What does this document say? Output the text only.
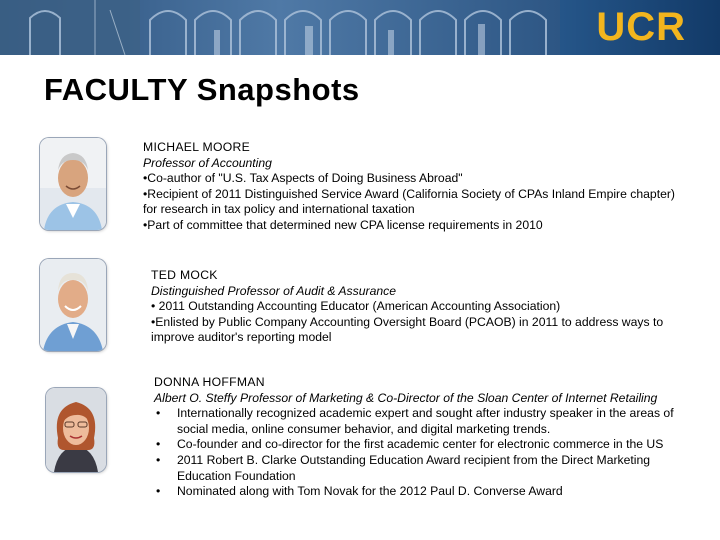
UCR
FACULTY Snapshots
MICHAEL MOORE
Professor of Accounting
•Co-author of "U.S. Tax Aspects of Doing Business Abroad"
•Recipient of 2011 Distinguished Service Award (California Society of CPAs Inland Empire chapter) for research in tax policy and international taxation
•Part of committee that determined new CPA license requirements in 2010
TED MOCK
Distinguished Professor of Audit & Assurance
• 2011 Outstanding Accounting Educator (American Accounting Association)
•Enlisted by Public Company Accounting Oversight Board (PCAOB) in 2011 to address ways to improve auditor's reporting model
DONNA HOFFMAN
Albert O. Steffy Professor of Marketing & Co-Director of the Sloan Center of Internet Retailing
• Internationally recognized academic expert and sought after industry speaker in the areas of social media, online consumer behavior, and digital marketing trends.
• Co-founder and co-director for the first academic center for electronic commerce in the US
• 2011 Robert B. Clarke Outstanding Education Award recipient from the Direct Marketing Education Foundation
• Nominated along with Tom Novak for the 2012 Paul D. Converse Award
